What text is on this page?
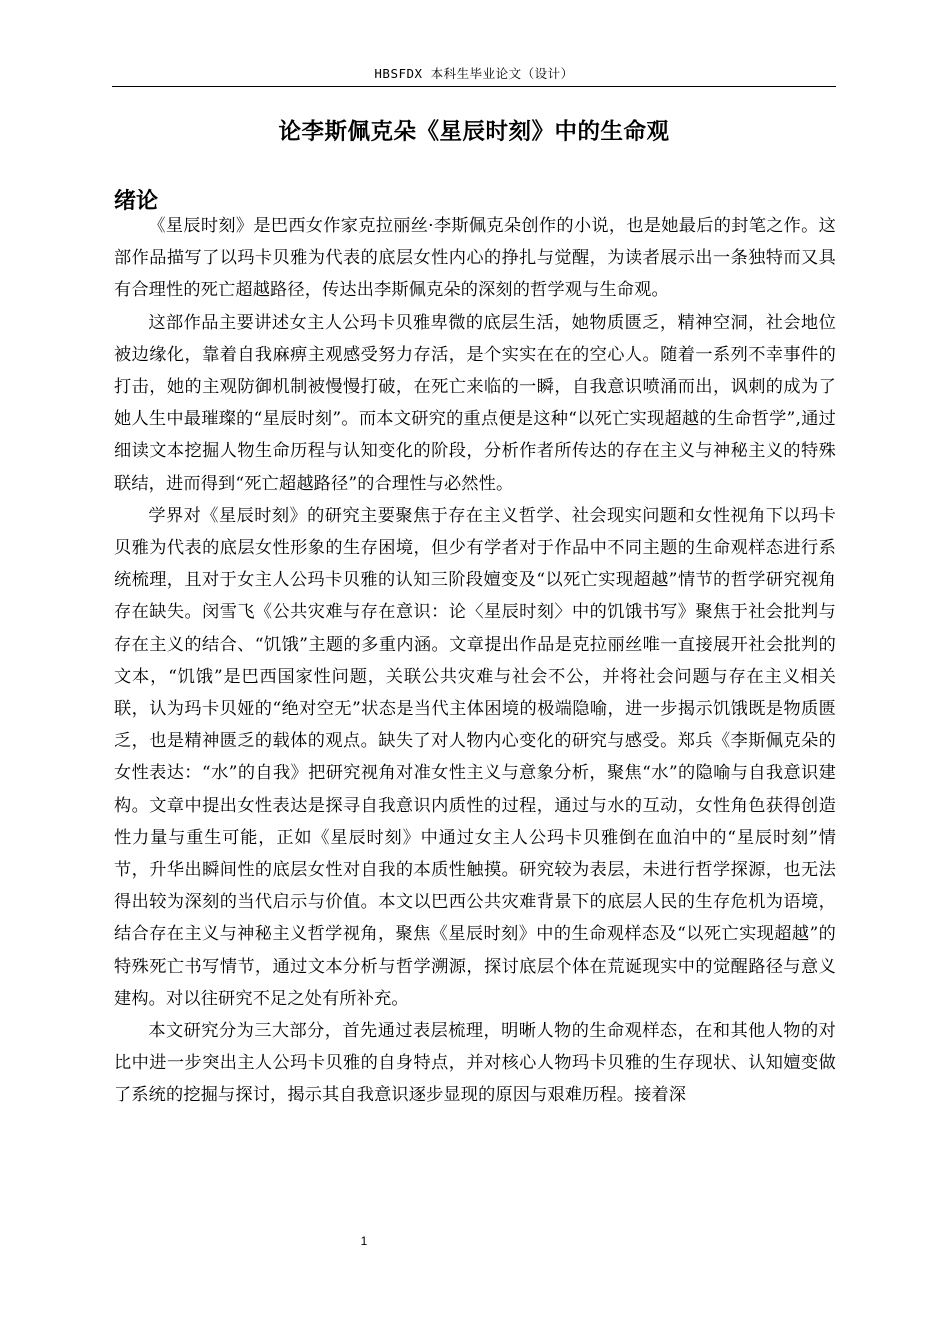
HBSFDX 本科生毕业论文（设计）
论李斯佩克朵《星辰时刻》中的生命观
绪论

《星辰时刻》是巴西女作家克拉丽丝·李斯佩克朵创作的小说，也是她最后的封笔之作。这部作品描写了以玛卡贝雅为代表的底层女性内心的挣扎与觉醒，为读者展示出一条独特而又具有合理性的死亡超越路径，传达出李斯佩克朵的深刻的哲学观与生命观。

这部作品主要讲述女主人公玛卡贝雅卑微的底层生活，她物质匮乏，精神空洞，社会地位被边缘化，靠着自我麻痹主观感受努力存活，是个实实在在的空心人。随着一系列不幸事件的打击，她的主观防御机制被慢慢打破，在死亡来临的一瞬，自我意识喷涌而出，讽刺的成为了她人生中最璀璨的“星辰时刻”。而本文研究的重点便是这种“以死亡实现超越的生命哲学”,通过细读文本挖掘人物生命历程与认知变化的阶段，分析作者所传达的存在主义与神秘主义的特殊联结，进而得到“死亡超越路径”的合理性与必然性。

学界对《星辰时刻》的研究主要聚焦于存在主义哲学、社会现实问题和女性视角下以玛卡贝雅为代表的底层女性形象的生存困境，但少有学者对于作品中不同主题的生命观样态进行系统梳理，且对于女主人公玛卡贝雅的认知三阶段嬗变及“以死亡实现超越”情节的哲学研究视角存在缺失。闵雪飞《公共灾难与存在意识：论〈星辰时刻〉中的饥饿书写》聚焦于社会批判与存在主义的结合、“饥饿”主题的多重内涵。文章提出作品是克拉丽丝唯一直接展开社会批判的文本，“饥饿”是巴西国家性问题，关联公共灾难与社会不公，并将社会问题与存在主义相关联，认为玛卡贝娅的“绝对空无”状态是当代主体困境的极端隐喻，进一步揭示饥饿既是物质匮乏，也是精神匮乏的载体的观点。缺失了对人物内心变化的研究与感受。郑兵《李斯佩克朵的女性表达：“水”的自我》把研究视角对准女性主义与意象分析，聚焦“水”的隐喻与自我意识建构。文章中提出女性表达是探寻自我意识内质性的过程，通过与水的互动，女性角色获得创造性力量与重生可能，正如《星辰时刻》中通过女主人公玛卡贝雅倒在血泊中的“星辰时刻”情节，升华出瞬间性的底层女性对自我的本质性触摸。研究较为表层，未进行哲学探源，也无法得出较为深刻的当代启示与价值。本文以巴西公共灾难背景下的底层人民的生存危机为语境，结合存在主义与神秘主义哲学视角，聚焦《星辰时刻》中的生命观样态及“以死亡实现超越”的特殊死亡书写情节，通过文本分析与哲学溯源，探讨底层个体在荒诞现实中的觉醒路径与意义建构。对以往研究不足之处有所补充。

本文研究分为三大部分，首先通过表层梳理，明晰人物的生命观样态，在和其他人物的对比中进一步突出主人公玛卡贝雅的自身特点，并对核心人物玛卡贝雅的生存现状、认知嬗变做了系统的挖掘与探讨，揭示其自我意识逐步显现的原因与艰难历程。接着深

1
